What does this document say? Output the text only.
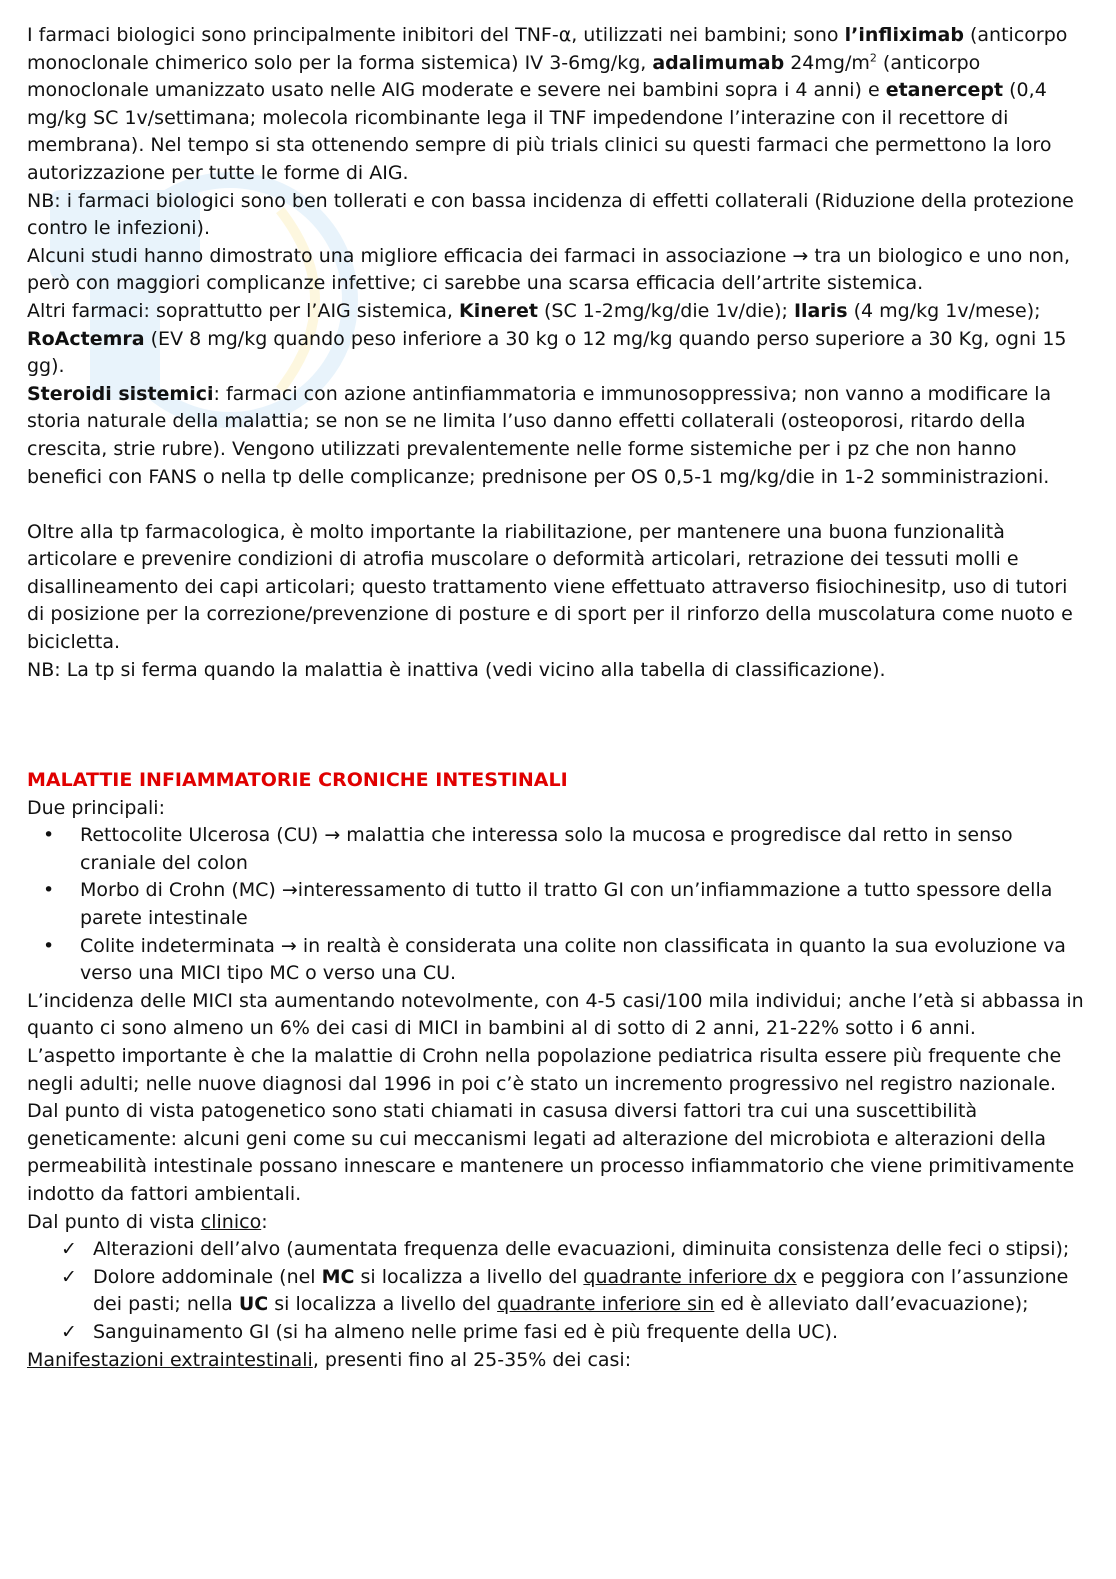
I farmaci biologici sono principalmente inibitori del TNF-α, utilizzati nei bambini; sono l’infliximab (anticorpo monoclonale chimerico solo per la forma sistemica) IV 3-6mg/kg, adalimumab $24mg/m^2$ (anticorpo monoclonale umanizzato usato nelle AIG moderate e severe nei bambini sopra i 4 anni) e etanercept (0,4 mg/kg SC 1v/settimana; molecola ricombinante lega il TNF impedendone l’interazine con il recettore di membrana). Nel tempo si sta ottenendo sempre di più trials clinici su questi farmaci che permettono la loro autorizzazione per tutte le forme di AIG.

NB: i farmaci biologici sono ben tollerati e con bassa incidenza di effetti collaterali (Riduzione della protezione contro le infezioni).

Alcuni studi hanno dimostrato una migliore efficacia dei farmaci in associazione → tra un biologico e uno non, però con maggiori complicanze infettive; ci sarebbe una scarsa efficacia dell’artrite sistemica.

Altri farmaci: soprattutto per l’AIG sistemica, Kineret (SC 1-2mg/kg/die 1v/die); Ilaris (4 mg/kg 1v/mese); RoActemra (EV 8 mg/kg quando peso inferiore a 30 kg o 12 mg/kg quando perso superiore a 30 Kg, ogni 15 gg).

Steroidi sistemici: farmaci con azione antinfiammatoria e immunosoppressiva; non vanno a modificare la storia naturale della malattia; se non se ne limita l’uso danno effetti collaterali (osteoporosi, ritardo della crescita, strie rubre). Vengono utilizzati prevalentemente nelle forme sistemiche per i pz che non hanno benefici con FANS o nella tp delle complicanze; prednisone per OS 0,5-1 mg/kg/die in 1-2 somministrazioni.

Oltre alla tp farmacologica, è molto importante la riabilitazione, per mantenere una buona funzionalità articolare e prevenire condizioni di atrofia muscolare o deformità articolari, retrazione dei tessuti molli e disallineamento dei capi articolari; questo trattamento viene effettuato attraverso fisiochinesitp, uso di tutori di posizione per la correzione/prevenzione di posture e di sport per il rinforzo della muscolatura come nuoto e bicicletta.

NB: La tp si ferma quando la malattia è inattiva (vedi vicino alla tabella di classificazione).

MALATTIE INFIAMMATORIE CRONICHE INTESTINALI

Due principali:

• Rettocolite Ulcerosa (CU) → malattia che interessa solo la mucosa e progredisce dal retto in senso craniale del colon
• Morbo di Crohn (MC) →interessamento di tutto il tratto GI con un’infiammazione a tutto spessore della parete intestinale
• Colite indeterminata → in realtà è considerata una colite non classificata in quanto la sua evoluzione va verso una MICI tipo MC o verso una CU.

L’incidenza delle MICI sta aumentando notevolmente, con 4-5 casi/100 mila individui; anche l’età si abbassa in quanto ci sono almeno un 6% dei casi di MICI in bambini al di sotto di 2 anni, 21-22% sotto i 6 anni.

L’aspetto importante è che la malattie di Crohn nella popolazione pediatrica risulta essere più frequente che negli adulti; nelle nuove diagnosi dal 1996 in poi c’è stato un incremento progressivo nel registro nazionale.

Dal punto di vista patogenetico sono stati chiamati in casusa diversi fattori tra cui una suscettibilità geneticamente: alcuni geni come su cui meccanismi legati ad alterazione del microbiota e alterazioni della permeabilità intestinale possano innescare e mantenere un processo infiammatorio che viene primitivamente indotto da fattori ambientali.

Dal punto di vista clinico:

✓ Alterazioni dell’alvo (aumentata frequenza delle evacuazioni, diminuita consistenza delle feci o stipsi);
✓ Dolore addominale (nel MC si localizza a livello del quadrante inferiore dx e peggiora con l’assunzione dei pasti; nella UC si localizza a livello del quadrante inferiore sin ed è alleviato dall’evacuazione);
✓ Sanguinamento GI (si ha almeno nelle prime fasi ed è più frequente della UC).

Manifestazioni extraintestinali, presenti fino al 25-35% dei casi:
